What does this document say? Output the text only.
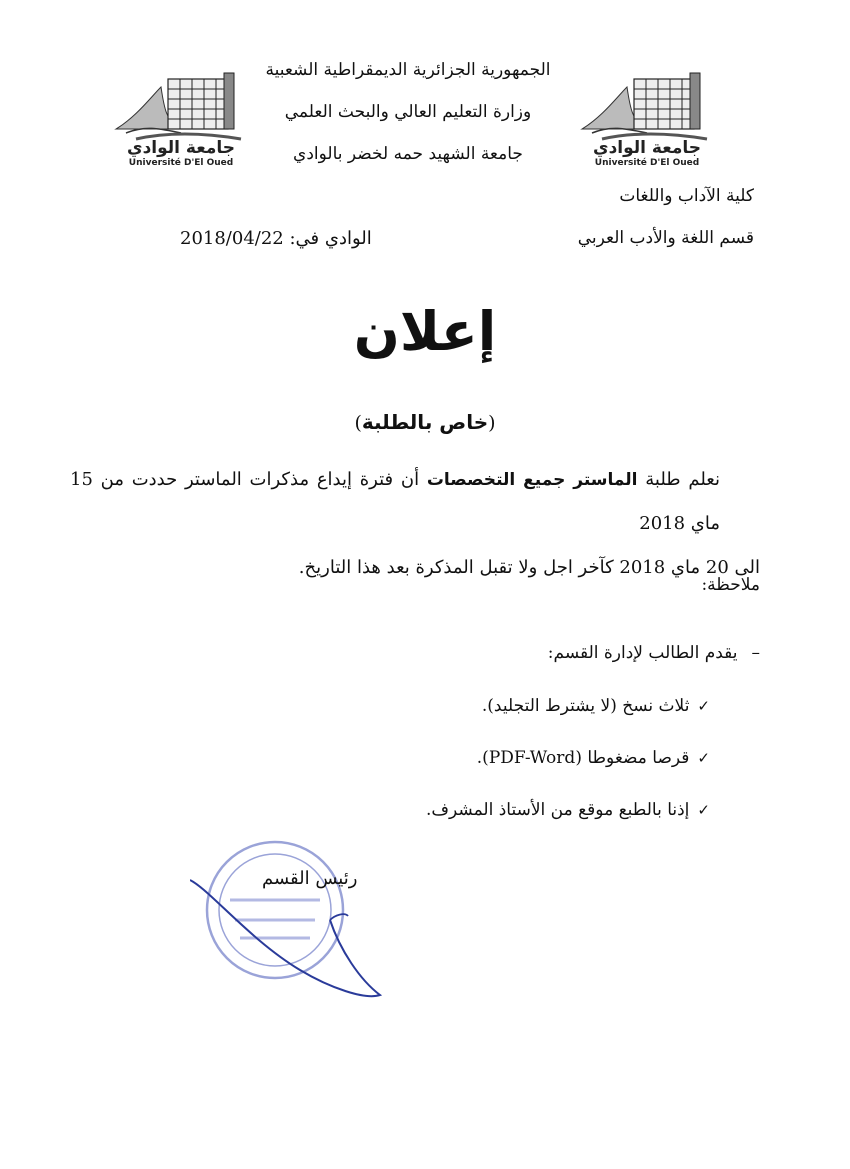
جامعة الوادي
Université D'El Oued
جامعة الوادي
Université D'El Oued
الجمهورية الجزائرية الديمقراطية الشعبية
وزارة التعليم العالي والبحث العلمي
جامعة الشهيد حمه لخضر بالوادي
كلية الآداب واللغات
قسم اللغة والأدب العربي
2018/04/22 الوادي في:
إعلان
(خاص بالطلبة)
نعلم طلبة الماستر جميع التخصصات أن فترة إيداع مذكرات الماستر حددت من 15 ماي 2018
الى 20 ماي 2018 كآخر اجل ولا تقبل المذكرة بعد هذا التاريخ.
ملاحظة:
–يقدم الطالب لإدارة القسم:
✓ثلاث نسخ (لا يشترط التجليد).
✓قرصا مضغوطا (PDF-Word).
✓إذنا بالطبع موقع من الأستاذ المشرف.
رئيس القسم
